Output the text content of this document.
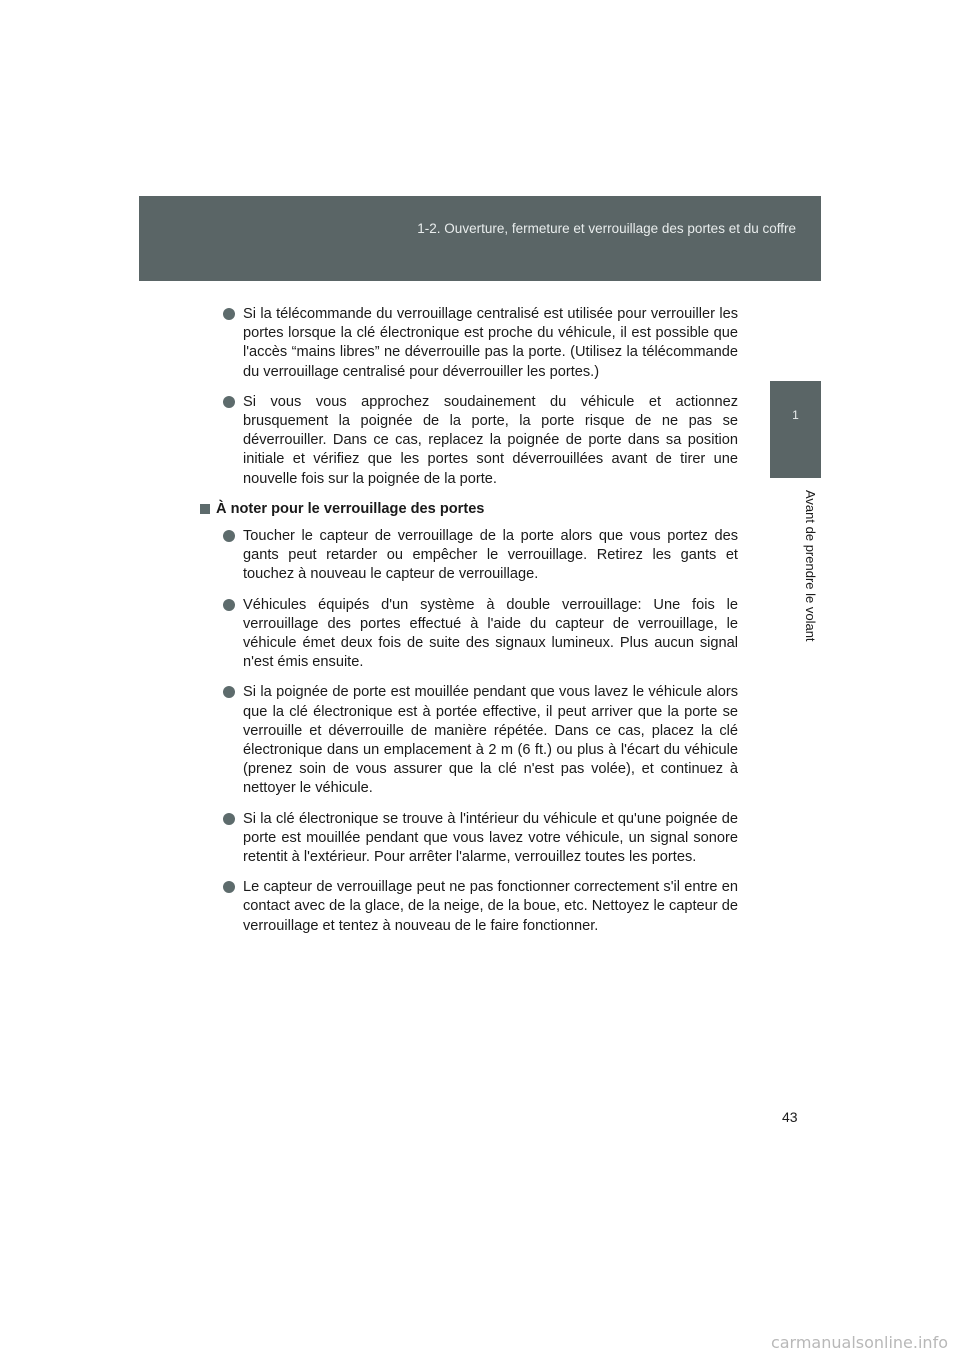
1-2. Ouverture, fermeture et verrouillage des portes et du coffre
1
Avant de prendre le volant
Si la télécommande du verrouillage centralisé est utilisée pour verrouiller les portes lorsque la clé électronique est proche du véhicule, il est possible que l'accès “mains libres” ne déverrouille pas la porte. (Utilisez la télécommande du verrouillage centralisé pour déverrouiller les portes.)
Si vous vous approchez soudainement du véhicule et actionnez brusquement la poignée de la porte, la porte risque de ne pas se déverrouiller. Dans ce cas, replacez la poignée de porte dans sa position initiale et vérifiez que les portes sont déverrouillées avant de tirer une nouvelle fois sur la poignée de la porte.
À noter pour le verrouillage des portes
Toucher le capteur de verrouillage de la porte alors que vous portez des gants peut retarder ou empêcher le verrouillage. Retirez les gants et touchez à nouveau le capteur de verrouillage.
Véhicules équipés d'un système à double verrouillage: Une fois le verrouillage des portes effectué à l'aide du capteur de verrouillage, le véhicule émet deux fois de suite des signaux lumineux. Plus aucun signal n'est émis ensuite.
Si la poignée de porte est mouillée pendant que vous lavez le véhicule alors que la clé électronique est à portée effective, il peut arriver que la porte se verrouille et déverrouille de manière répétée. Dans ce cas, placez la clé électronique dans un emplacement à 2 m (6 ft.) ou plus à l'écart du véhicule (prenez soin de vous assurer que la clé n'est pas volée), et continuez à nettoyer le véhicule.
Si la clé électronique se trouve à l'intérieur du véhicule et qu'une poignée de porte est mouillée pendant que vous lavez votre véhicule, un signal sonore retentit à l'extérieur. Pour arrêter l'alarme, verrouillez toutes les portes.
Le capteur de verrouillage peut ne pas fonctionner correctement s'il entre en contact avec de la glace, de la neige, de la boue, etc. Nettoyez le capteur de verrouillage et tentez à nouveau de le faire fonctionner.
43
carmanualsonline.info
